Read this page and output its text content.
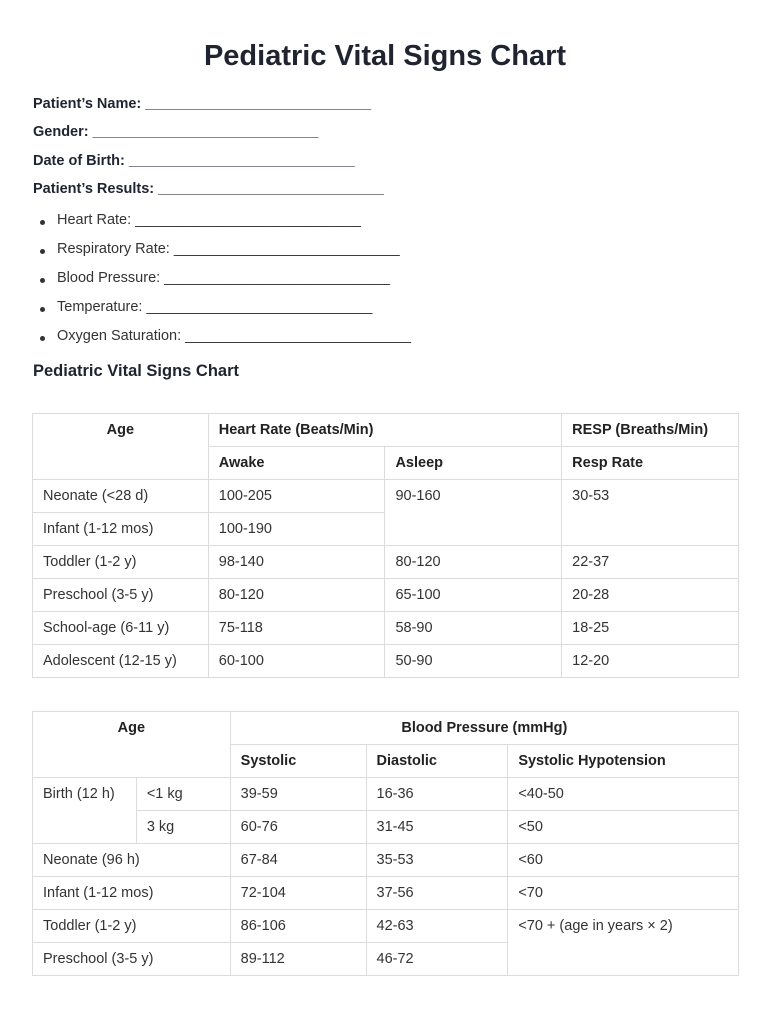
Pediatric Vital Signs Chart
Patient’s Name: ____________________________
Gender: ____________________________
Date of Birth: ____________________________
Patient’s Results: ____________________________
Heart Rate: ____________________________
Respiratory Rate: ____________________________
Blood Pressure: ____________________________
Temperature: ____________________________
Oxygen Saturation: ____________________________
Pediatric Vital Signs Chart
Age	Heart Rate (Beats/Min)		RESP (Breaths/Min)
	Awake	Asleep	Resp Rate
Neonate (<28 d)	100-205	90-160	30-53
Infant (1-12 mos)	100-190		
Toddler (1-2 y)	98-140	80-120	22-37
Preschool (3-5 y)	80-120	65-100	20-28
School-age (6-11 y)	75-118	58-90	18-25
Adolescent (12-15 y)	60-100	50-90	12-20
Age		Blood Pressure (mmHg)		
		Systolic	Diastolic	Systolic Hypotension
Birth (12 h)	<1 kg	39-59	16-36	<40-50
	3 kg	60-76	31-45	<50
Neonate (96 h)		67-84	35-53	<60
Infant (1-12 mos)		72-104	37-56	<70
Toddler (1-2 y)		86-106	42-63	<70 + (age in years × 2)
Preschool (3-5 y)		89-112	46-72	
